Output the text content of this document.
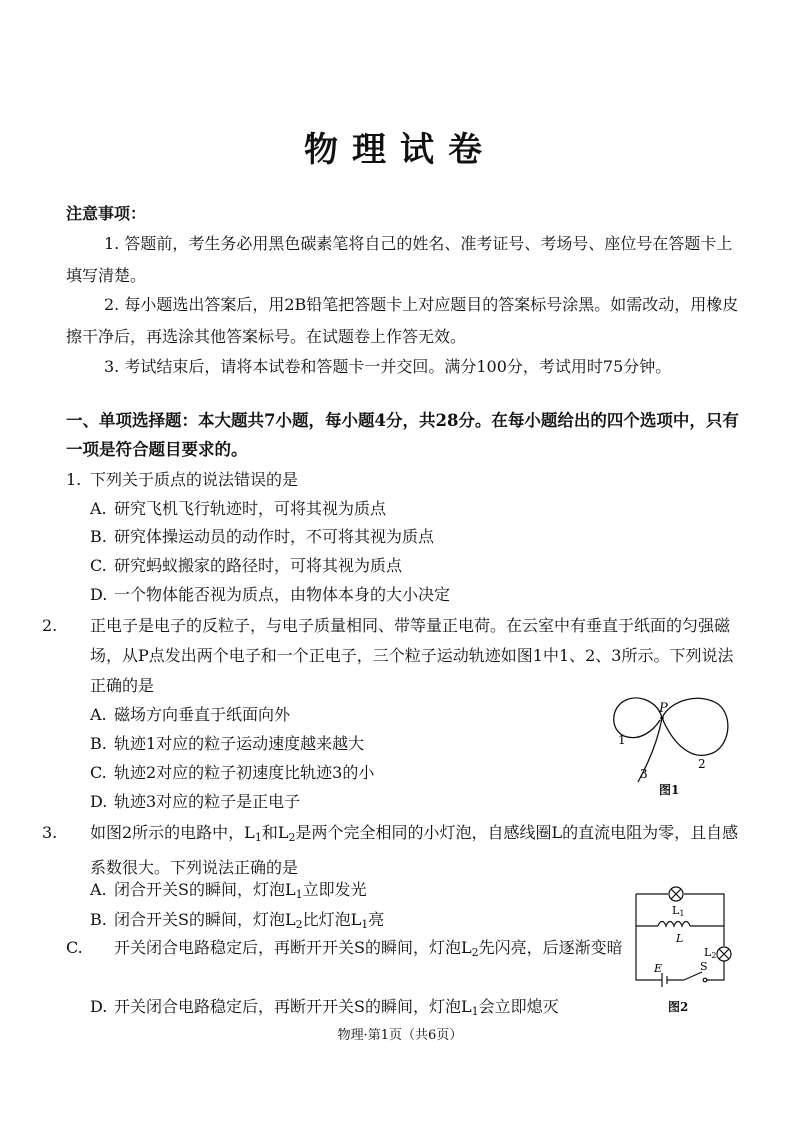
物理试卷
注意事项：
1. 答题前，考生务必用黑色碳素笔将自己的姓名、准考证号、考场号、座位号在答题卡上填写清楚。
2. 每小题选出答案后，用2B铅笔把答题卡上对应题目的答案标号涂黑。如需改动，用橡皮擦干净后，再选涂其他答案标号。在试题卷上作答无效。
3. 考试结束后，请将本试卷和答题卡一并交回。满分100分，考试用时75分钟。
一、单项选择题：本大题共7小题，每小题4分，共28分。在每小题给出的四个选项中，只有一项是符合题目要求的。
1. 下列关于质点的说法错误的是
A. 研究飞机飞行轨迹时，可将其视为质点
B. 研究体操运动员的动作时，不可将其视为质点
C. 研究蚂蚁搬家的路径时，可将其视为质点
D. 一个物体能否视为质点，由物体本身的大小决定
2. 正电子是电子的反粒子，与电子质量相同、带等量正电荷。在云室中有垂直于纸面的匀强磁场，从P点发出两个电子和一个正电子，三个粒子运动轨迹如图1中1、2、3所示。下列说法正确的是
A. 磁场方向垂直于纸面向外
B. 轨迹1对应的粒子运动速度越来越大
C. 轨迹2对应的粒子初速度比轨迹3的小
D. 轨迹3对应的粒子是正电子
P
1
2
3
图1
3. 如图2所示的电路中，$L_1$和$L_2$是两个完全相同的小灯泡，自感线圈L的直流电阻为零，且自感系数很大。下列说法正确的是
A. 闭合开关S的瞬间，灯泡$L_1$立即发光
B. 闭合开关S的瞬间，灯泡$L_2$比灯泡$L_1$亮
C. 开关闭合电路稳定后，再断开开关S的瞬间，灯泡$L_2$先闪亮，后逐渐变暗
D. 开关闭合电路稳定后，再断开开关S的瞬间，灯泡$L_1$会立即熄灭
L1
L
L2
E	S
图2
物理·第1页（共6页）
